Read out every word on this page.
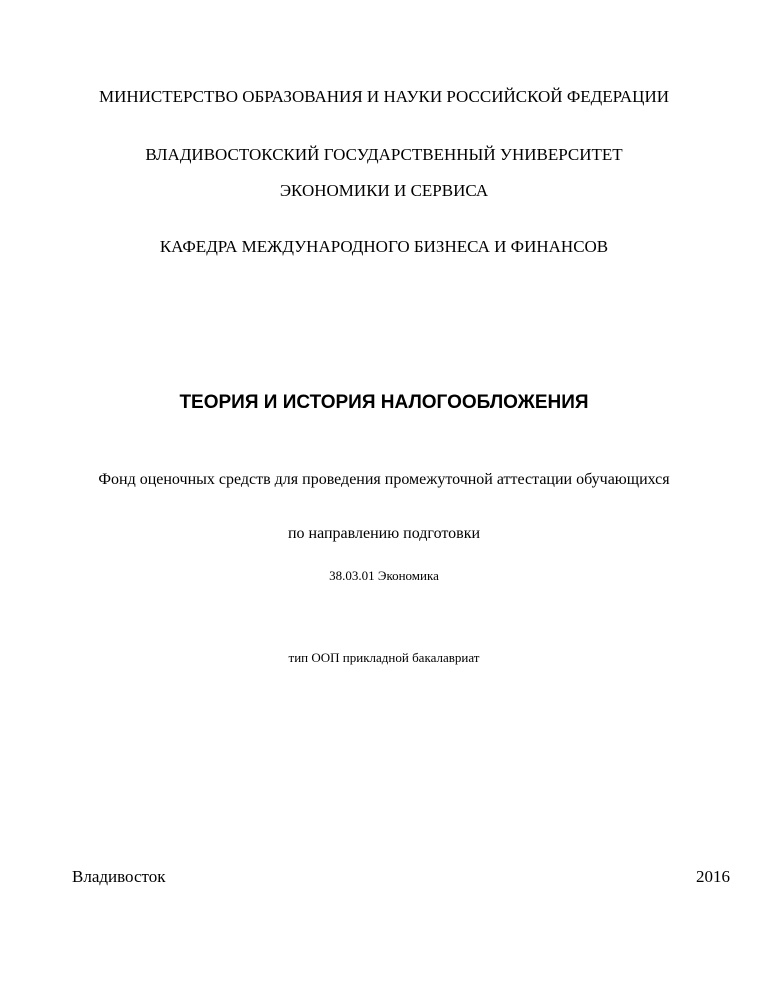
МИНИСТЕРСТВО ОБРАЗОВАНИЯ И НАУКИ РОССИЙСКОЙ ФЕДЕРАЦИИ
ВЛАДИВОСТОКСКИЙ ГОСУДАРСТВЕННЫЙ УНИВЕРСИТЕТ
ЭКОНОМИКИ И СЕРВИСА
КАФЕДРА МЕЖДУНАРОДНОГО БИЗНЕСА И ФИНАНСОВ
ТЕОРИЯ И ИСТОРИЯ НАЛОГООБЛОЖЕНИЯ
Фонд оценочных средств для проведения промежуточной аттестации обучающихся
по направлению подготовки
38.03.01 Экономика
тип ООП прикладной бакалавриат
Владивосток	2016
